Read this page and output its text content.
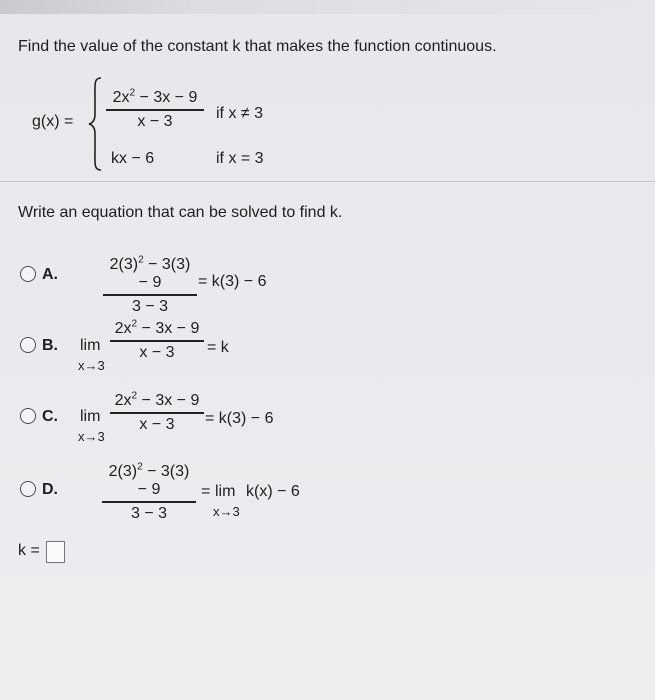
Find the value of the constant k that makes the function continuous.
g(x) =
$2x^2 - 3x - 9$
x − 3	if x ≠ 3
kx − 6	if x = 3
Write an equation that can be solved to find k.
A.
$2(3)^2 - 3(3) - 9$
3 − 3
= k(3) − 6
B. lim
x→3
$2x^2 - 3x - 9$
x − 3	= k
C. lim
x→3
$2x^2 - 3x - 9$
x − 3	= k(3) − 6
D.
$2(3)^2 - 3(3) - 9$
3 − 3
= lim
x→3
k(x) − 6
k =
